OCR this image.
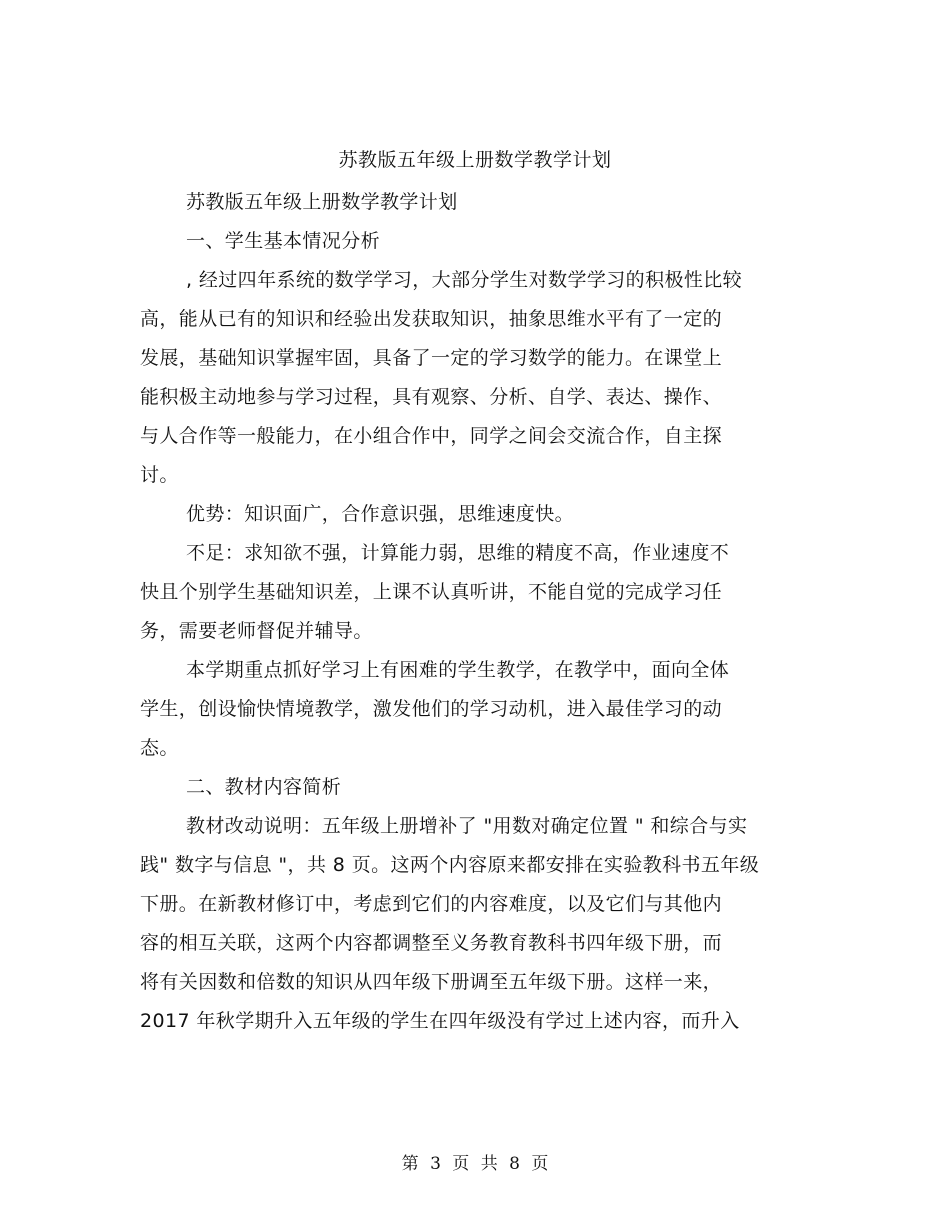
苏教版五年级上册数学教学计划
苏教版五年级上册数学教学计划
一、学生基本情况分析
, 经过四年系统的数学学习，大部分学生对数学学习的积极性比较
高，能从已有的知识和经验出发获取知识，抽象思维水平有了一定的
发展，基础知识掌握牢固，具备了一定的学习数学的能力。在课堂上
能积极主动地参与学习过程，具有观察、分析、自学、表达、操作、
与人合作等一般能力，在小组合作中，同学之间会交流合作，自主探
讨。
优势：知识面广，合作意识强，思维速度快。
不足：求知欲不强，计算能力弱，思维的精度不高，作业速度不
快且个别学生基础知识差，上课不认真听讲，不能自觉的完成学习任
务，需要老师督促并辅导。
本学期重点抓好学习上有困难的学生教学，在教学中，面向全体
学生，创设愉快情境教学，激发他们的学习动机，进入最佳学习的动
态。
二、教材内容简析
教材改动说明：五年级上册增补了 "用数对确定位置 " 和综合与实
践" 数字与信息 "，共 8 页。这两个内容原来都安排在实验教科书五年级
下册。在新教材修订中，考虑到它们的内容难度，以及它们与其他内
容的相互关联，这两个内容都调整至义务教育教科书四年级下册，而
将有关因数和倍数的知识从四年级下册调至五年级下册。这样一来，
2017 年秋学期升入五年级的学生在四年级没有学过上述内容，而升入
第 3 页 共 8 页
